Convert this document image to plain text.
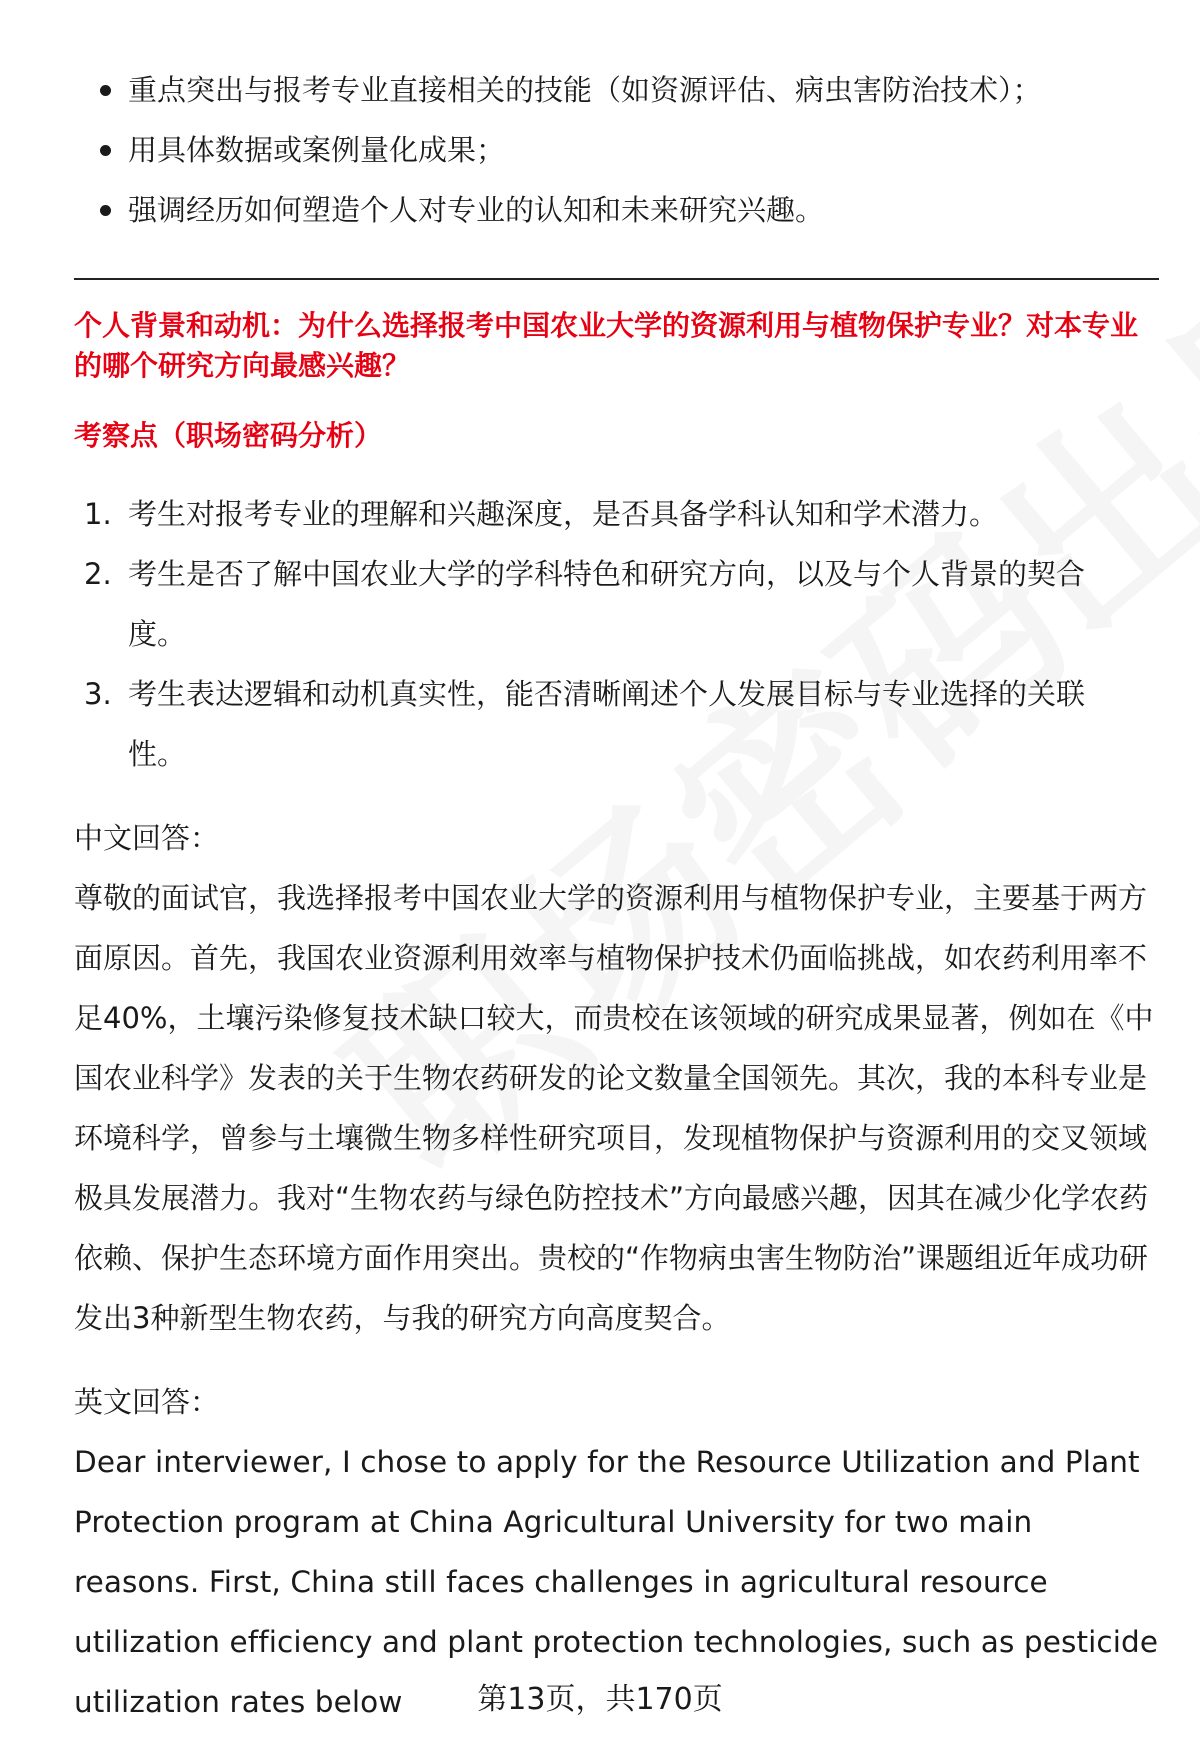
重点突出与报考专业直接相关的技能（如资源评估、病虫害防治技术）；
用具体数据或案例量化成果；
强调经历如何塑造个人对专业的认知和未来研究兴趣。
个人背景和动机：为什么选择报考中国农业大学的资源利用与植物保护专业？对本专业的哪个研究方向最感兴趣？
考察点（职场密码分析）
1. 考生对报考专业的理解和兴趣深度，是否具备学科认知和学术潜力。
2. 考生是否了解中国农业大学的学科特色和研究方向，以及与个人背景的契合度。
3. 考生表达逻辑和动机真实性，能否清晰阐述个人发展目标与专业选择的关联性。
中文回答：

尊敬的面试官，我选择报考中国农业大学的资源利用与植物保护专业，主要基于两方面原因。首先，我国农业资源利用效率与植物保护技术仍面临挑战，如农药利用率不足40%，土壤污染修复技术缺口较大，而贵校在该领域的研究成果显著，例如在《中国农业科学》发表的关于生物农药研发的论文数量全国领先。其次，我的本科专业是环境科学，曾参与土壤微生物多样性研究项目，发现植物保护与资源利用的交叉领域极具发展潜力。我对“生物农药与绿色防控技术”方向最感兴趣，因其在减少化学农药依赖、保护生态环境方面作用突出。贵校的“作物病虫害生物防治”课题组近年成功研发出3种新型生物农药，与我的研究方向高度契合。

英文回答：

Dear interviewer, I chose to apply for the Resource Utilization and Plant Protection program at China Agricultural University for two main reasons. First, China still faces challenges in agricultural resource utilization efficiency and plant protection technologies, such as pesticide utilization rates below	第13页，共170页
